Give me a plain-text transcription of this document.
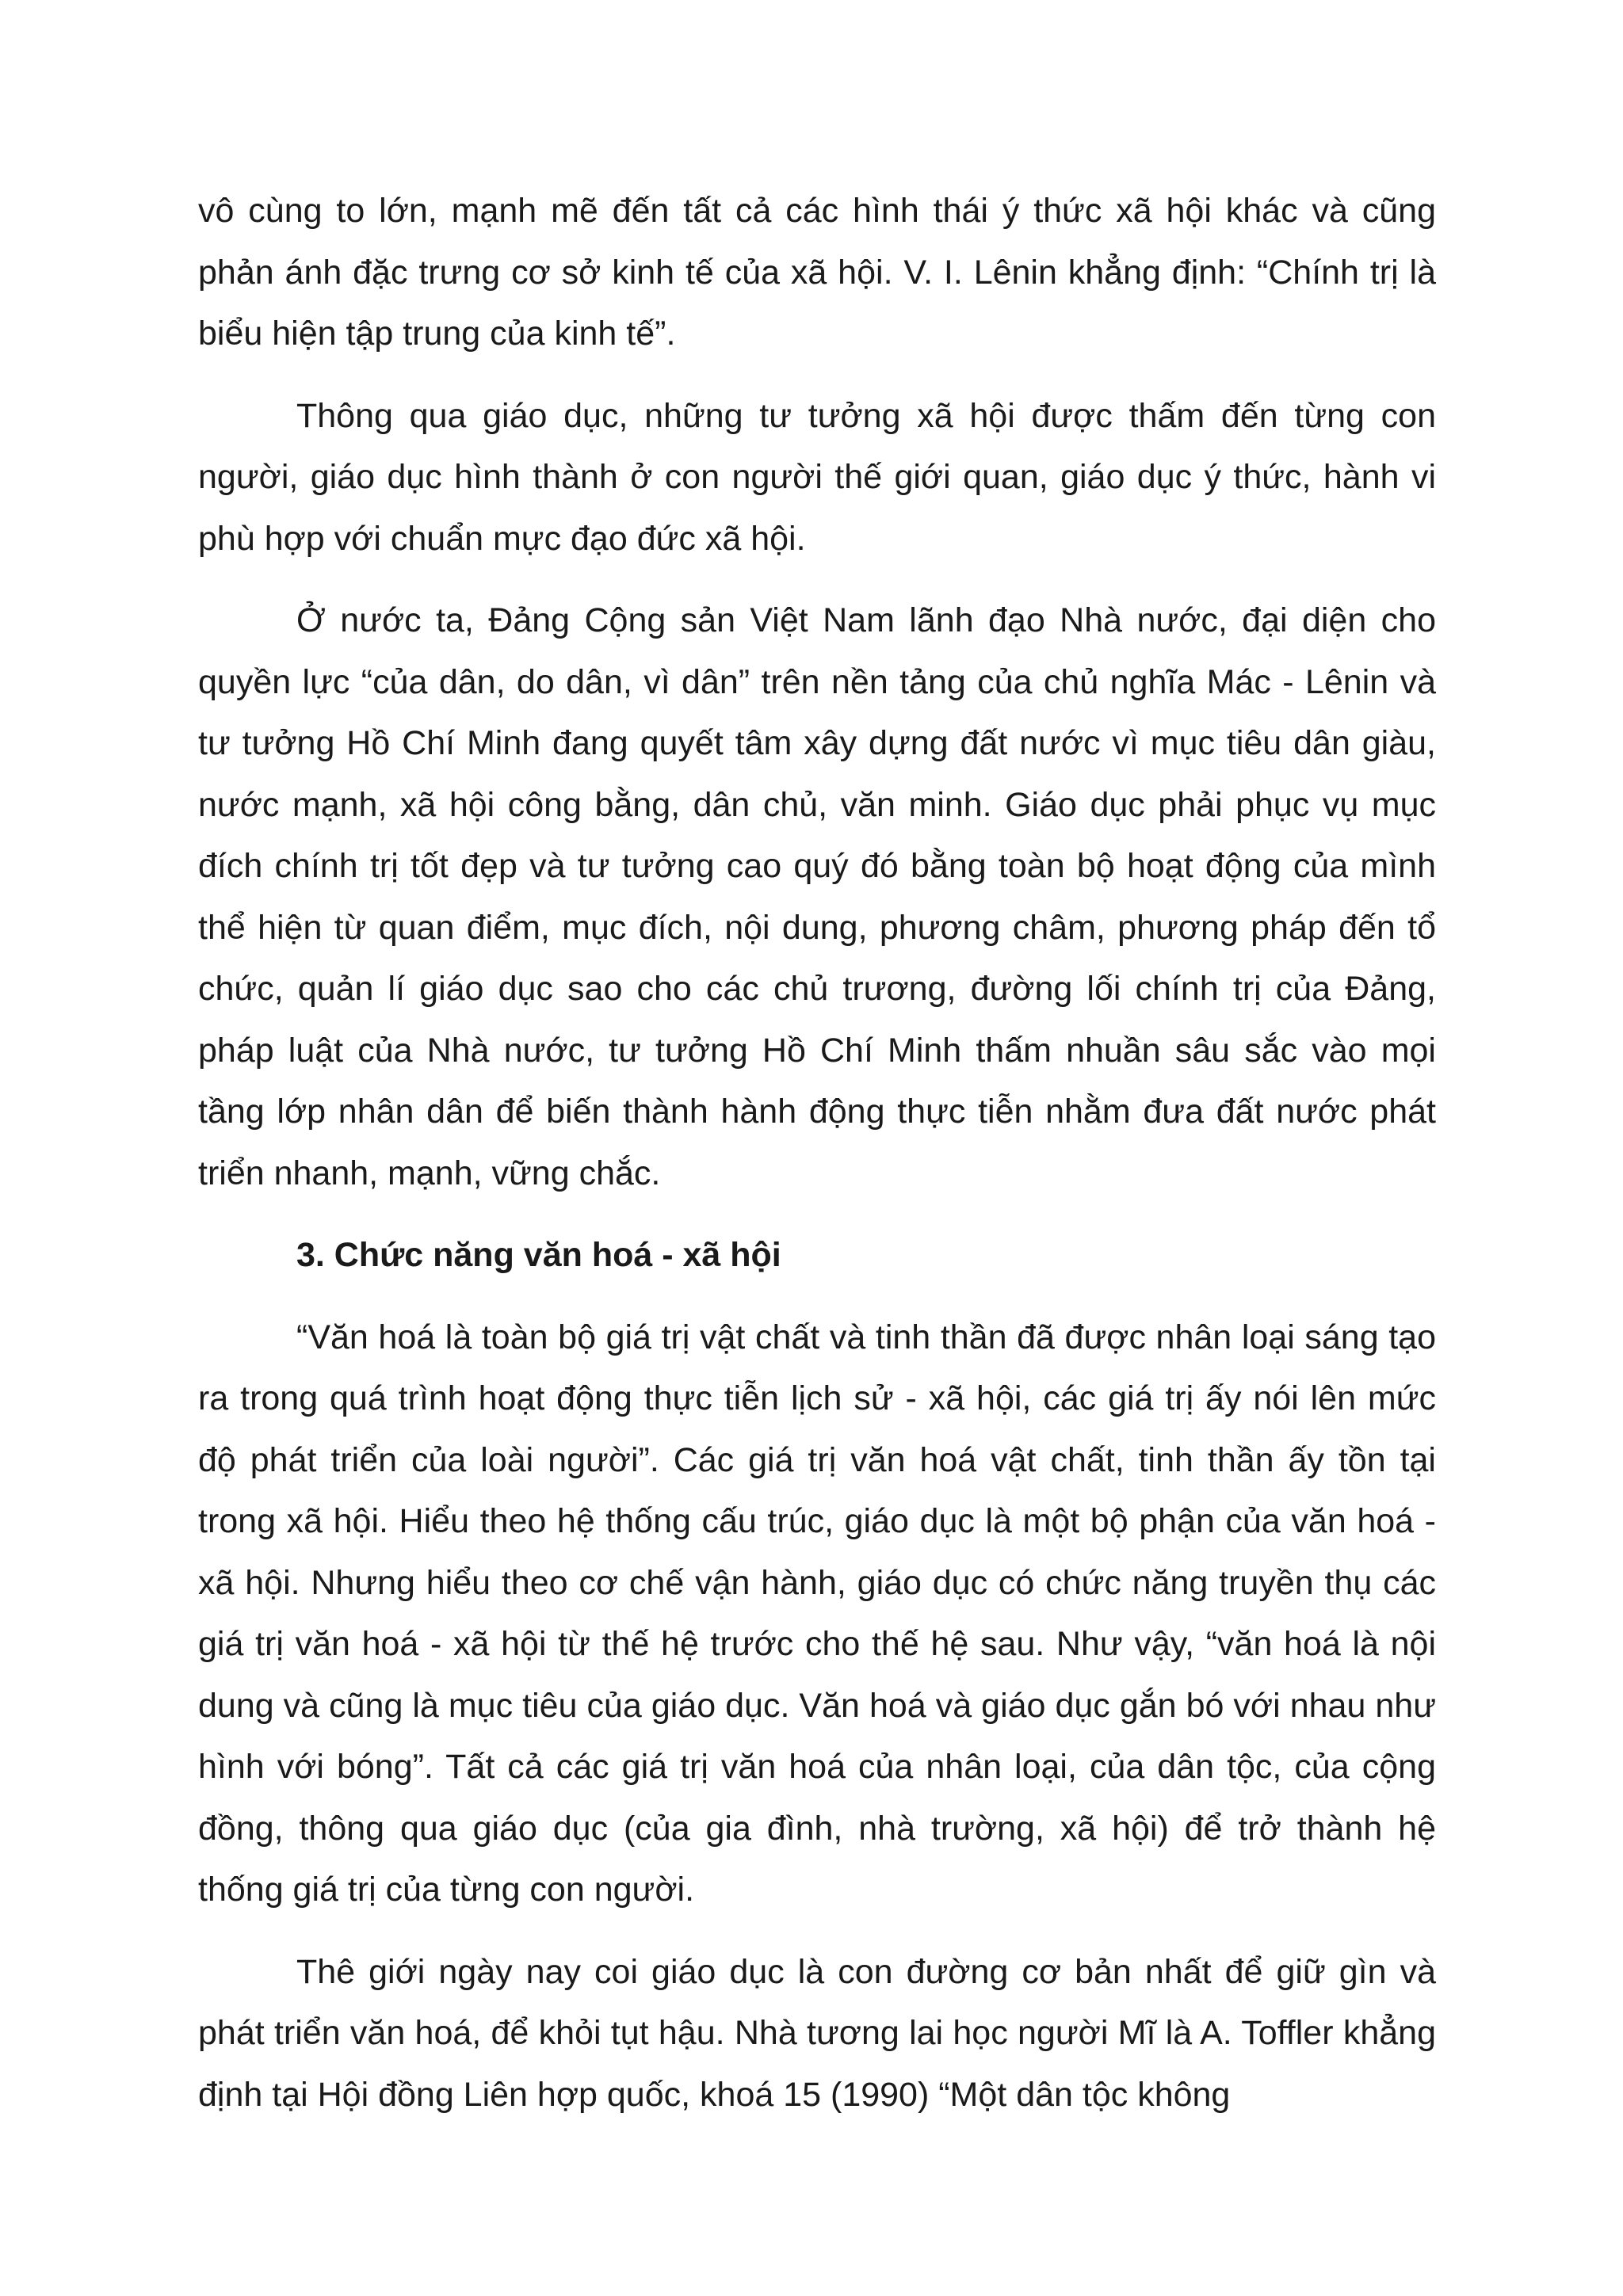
vô cùng to lớn, mạnh mẽ đến tất cả các hình thái ý thức xã hội khác và cũng phản ánh đặc trưng cơ sở kinh tế của xã hội. V. I. Lênin khẳng định: “Chính trị là biểu hiện tập trung của kinh tế”.

Thông qua giáo dục, những tư tưởng xã hội được thấm đến từng con người, giáo dục hình thành ở con người thế giới quan, giáo dục ý thức, hành vi phù hợp với chuẩn mực đạo đức xã hội.

Ở nước ta, Đảng Cộng sản Việt Nam lãnh đạo Nhà nước, đại diện cho quyền lực “của dân, do dân, vì dân” trên nền tảng của chủ nghĩa Mác - Lênin và tư tưởng Hồ Chí Minh đang quyết tâm xây dựng đất nước vì mục tiêu dân giàu, nước mạnh, xã hội công bằng, dân chủ, văn minh. Giáo dục phải phục vụ mục đích chính trị tốt đẹp và tư tưởng cao quý đó bằng toàn bộ hoạt động của mình thể hiện từ quan điểm, mục đích, nội dung, phương châm, phương pháp đến tổ chức, quản lí giáo dục sao cho các chủ trương, đường lối chính trị của Đảng, pháp luật của Nhà nước, tư tưởng Hồ Chí Minh thấm nhuần sâu sắc vào mọi tầng lớp nhân dân để biến thành hành động thực tiễn nhằm đưa đất nước phát triển nhanh, mạnh, vững chắc.

3. Chức năng văn hoá - xã hội

“Văn hoá là toàn bộ giá trị vật chất và tinh thần đã được nhân loại sáng tạo ra trong quá trình hoạt động thực tiễn lịch sử - xã hội, các giá trị ấy nói lên mức độ phát triển của loài người”. Các giá trị văn hoá vật chất, tinh thần ấy tồn tại trong xã hội. Hiểu theo hệ thống cấu trúc, giáo dục là một bộ phận của văn hoá - xã hội. Nhưng hiểu theo cơ chế vận hành, giáo dục có chức năng truyền thụ các giá trị văn hoá - xã hội từ thế hệ trước cho thế hệ sau. Như vậy, “văn hoá là nội dung và cũng là mục tiêu của giáo dục. Văn hoá và giáo dục gắn bó với nhau như hình với bóng”. Tất cả các giá trị văn hoá của nhân loại, của dân tộc, của cộng đồng, thông qua giáo dục (của gia đình, nhà trường, xã hội) để trở thành hệ thống giá trị của từng con người.

Thê giới ngày nay coi giáo dục là con đường cơ bản nhất để giữ gìn và phát triển văn hoá, để khỏi tụt hậu. Nhà tương lai học người Mĩ là A. Toffler khẳng định tại Hội đồng Liên hợp quốc, khoá 15 (1990) “Một dân tộc không
